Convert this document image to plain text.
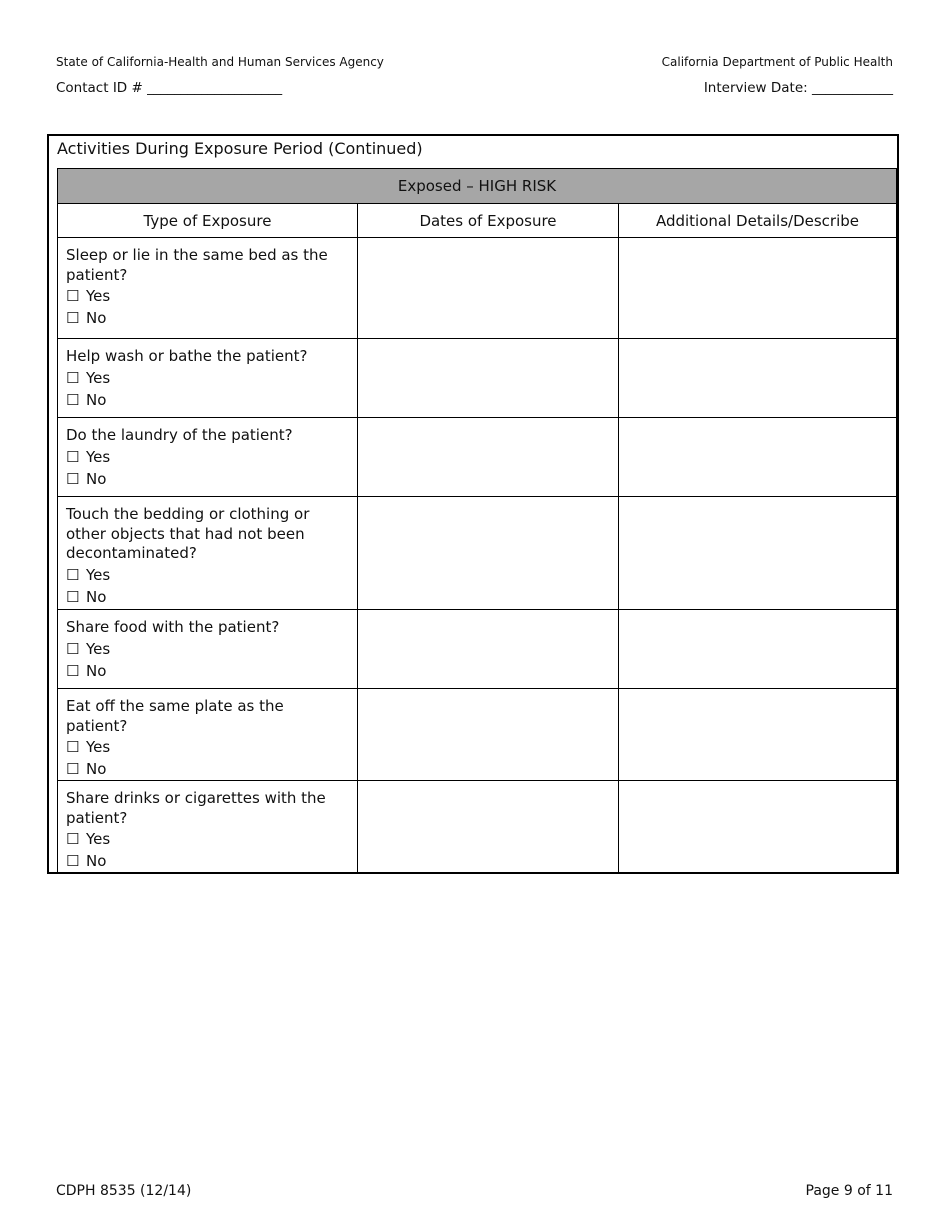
State of California-Health and Human Services Agency
Contact ID # ____________________
California Department of Public Health
Interview Date: ____________
Activities During Exposure Period (Continued)
Exposed – HIGH RISK		
Type of Exposure	Dates of Exposure	Additional Details/Describe

Sleep or lie in the same bed as the patient?
☐ Yes
☐ No		

Help wash or bathe the patient?
☐ Yes
☐ No		

Do the laundry of the patient?
☐ Yes
☐ No		

Touch the bedding or clothing or other objects that had not been decontaminated?
☐ Yes
☐ No		

Share food with the patient?
☐ Yes
☐ No		

Eat off the same plate as the patient?
☐ Yes
☐ No		

Share drinks or cigarettes with the patient?
☐ Yes
☐ No		

CDPH 8535 (12/14)	Page 9 of 11
